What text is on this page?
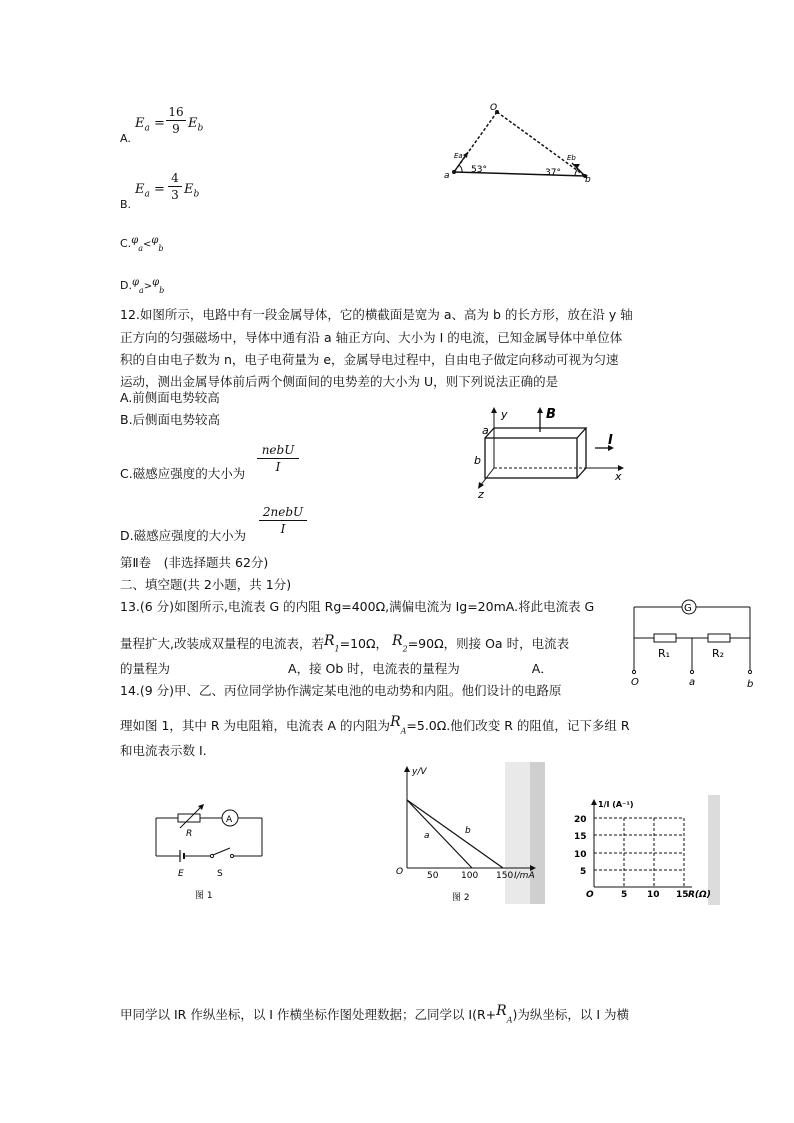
A.
$E_a$ =
16
9 $E_b$
B.
$E_a$ =
4
3 $E_b$
C.$^\varphi_a$<$^\varphi_b$
D.$^\varphi_a$>$^\varphi_b$
O
a	b
Ea	Eb
53°	37°
12.如图所示，电路中有一段金属导体，它的横截面是宽为 a、高为 b 的长方形，放在沿 y 轴
正方向的匀强磁场中，导体中通有沿 a 轴正方向、大小为 I 的电流，已知金属导体中单位体
积的自由电子数为 n，电子电荷量为 e，金属导电过程中，自由电子做定向移动可视为匀速
运动，测出金属导体前后两个侧面间的电势差的大小为 U，则下列说法正确的是
A.前侧面电势较高
B.后侧面电势较高
C.磁感应强度的大小为
nebU
I
D.磁感应强度的大小为
2nebU
I
y	B
a
I
b
x
z
第Ⅱ卷　(非选择题共 62分)
二、填空题(共 2小题，共 1分)
13.(6 分)如图所示,电流表 G 的内阻 Rg=400Ω,满偏电流为 Ig=20mA.将此电流表 G
量程扩大,改装成双量程的电流表，若$R_1=10\Omega$， $R_2=90\Omega$，则接 Oa 时，电流表
的量程为	A，接 Ob 时，电流表的量程为	A．
G
R₁	R₂
O	a	b
14.(9 分)甲、乙、丙位同学协作满定某电池的电动势和内阻。他们设计的电路原
理如图 1，其中 R 为电阻箱，电流表 A 的内阻为$R_A=5.0\Omega$.他们改变 R 的阻值，记下多组 R
和电流表示数 I.
R
A
E	S
图 1
y/V
O	50	100 150 I/mA
a	b
图 2
1/I (A⁻¹)
20
15
10
5
O	5 10 15 R(Ω)
甲同学以 IR 作纵坐标，以 I 作横坐标作图处理数据；乙同学以 $I(R+R_A)$为纵坐标，以 I 为横
